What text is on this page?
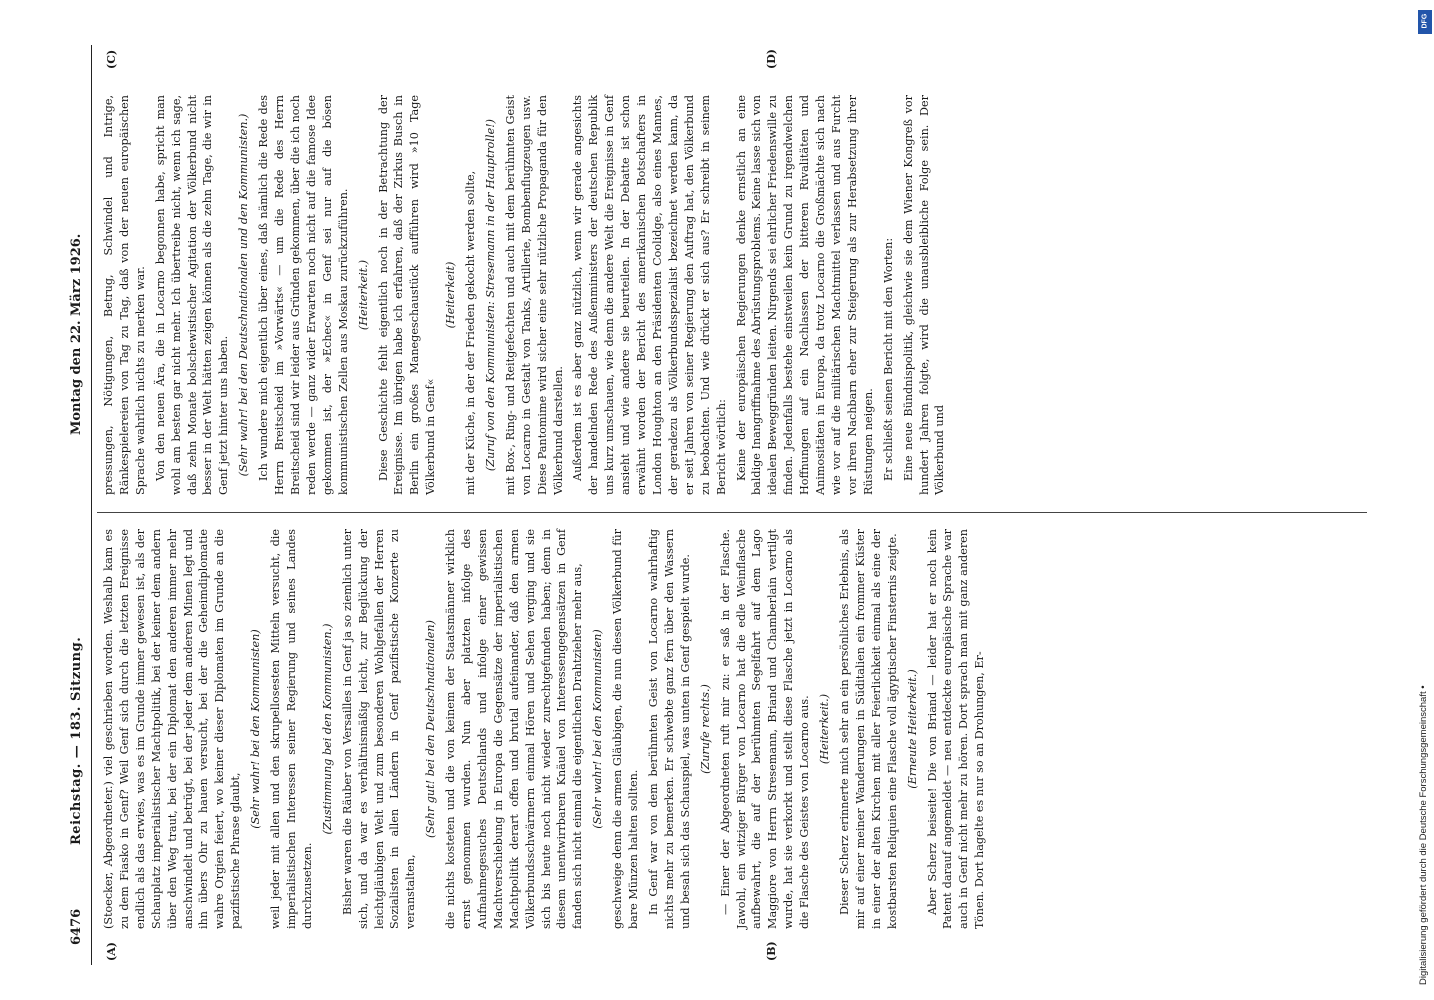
6476
Reichstag. — 183. Sitzung.
Montag den 22. März 1926.
(A)	(B)
(C)	(D)

(Stoecker, Abgeordneter.) viel geschrieben worden. Weshalb kam es zu dem Fiasko in Genf? Weil Genf sich durch die letzten Ereignisse endlich als das erwies, was es im Grunde immer gewesen ist, als der Schauplatz imperialistischer Machtpolitik, bei der keiner dem andern über den Weg traut, bei der ein Diplomat den anderen immer mehr anschwindelt und betrügt, bei der jeder dem anderen Minen legt und ihn übers Ohr zu hauen versucht, bei der die Geheimdiplomatie wahre Orgien feiert, wo keiner dieser Diplomaten im Grunde an die pazifistische Phrase glaubt,

(Sehr wahr! bei den Kommunisten) weil jeder mit allen und den skrupellosesten Mitteln versucht, die imperialistischen Interessen seiner Regierung und seines Landes durchzusetzen.

(Zustimmung bei den Kommunisten.) Bisher waren die Räuber von Versailles in Genf ja so ziemlich unter sich, und da war es verhältnismäßig leicht, zur Beglückung der leichtgläubigen Welt und zum besonderen Wohlgefallen der Herren Sozialisten in allen Ländern in Genf pazifistische Konzerte zu veranstalten,

(Sehr gut! bei den Deutschnationalen) die nichts kosteten und die von keinem der Staatsmänner wirklich ernst genommen wurden. Nun aber platzten infolge des Aufnahmegesuches Deutschlands und infolge einer gewissen Machtverschiebung in Europa die Gegensätze der imperialistischen Machtpolitik derart offen und brutal aufeinander, daß den armen Völkerbundsschwärmern einmal Hören und Sehen verging und sie sich bis heute noch nicht wieder zurechtgefunden haben; denn in diesem unentwirrbaren Knäuel von Interessengegensätzen in Genf fanden sich nicht einmal die eigentlichen Drahtzieher mehr aus, (Sehr wahr! bei den Kommunisten) geschweige denn die armen Gläubigen, die nun diesen Völkerbund für bare Münzen halten sollten. In Genf war von dem berühmten Geist von Locarno wahrhaftig nichts mehr zu bemerken. Er schwebte ganz fern über den Wassern und besah sich das Schauspiel, was unten in Genf gespielt wurde. (Zurufe rechts.) — Einer der Abgeordneten ruft mir zu: er saß in der Flasche. Jawohl, ein witziger Bürger von Locarno hat die edle Weinflasche aufbewahrt, die auf der berühmten Segelfahrt auf dem Lago Maggiore von Herrn Stresemann, Briand und Chamberlain vertilgt wurde, hat sie verkorkt und stellt diese Flasche jetzt in Locarno als die Flasche des Geistes von Locarno aus. (Heiterkeit.) Dieser Scherz erinnerte mich sehr an ein persönliches Erlebnis, als mir auf einer meiner Wanderungen in Süditalien ein frommer Küster in einer der alten Kirchen mit aller Feierlichkeit einmal als eine der kostbarsten Reliquien eine Flasche voll ägyptischer Finsternis zeigte. (Erneute Heiterkeit.) Aber Scherz beiseite! Die von Briand — leider hat er noch kein Patent darauf angemeldet — neu entdeckte europäische Sprache war auch in Genf nicht mehr zu hören. Dort sprach man mit ganz anderen Tönen. Dort hagelte es nur so an Drohungen, Er-

pressungen, Nötigungen, Betrug, Schwindel und Intrige, Ränkespielereien von Tag zu Tag, daß von der neuen europäischen Sprache wahrlich nichts zu merken war. Von den neuen Ära, die in Locarno begonnen habe, spricht man wohl am besten gar nicht mehr. Ich übertreibe nicht, wenn ich sage, daß zehn Monate bolschewistischer Agitation der Völkerbund nicht besser in der Welt hätten zeigen können als die zehn Tage, die wir in Genf jetzt hinter uns haben. (Sehr wahr! bei den Deutschnationalen und den Kommunisten.) Ich wundere mich eigentlich über eines, daß nämlich die Rede des Herrn Breitscheid im »Vorwärts« — um die Rede des Herrn Breitscheid sind wir leider aus Gründen gekommen, über die ich noch reden werde — ganz wider Erwarten noch nicht auf die famose Idee gekommen ist, der »Echec« in Genf sei nur auf die bösen kommunistischen Zellen aus Moskau zurückzuführen. (Heiterkeit.) Diese Geschichte fehlt eigentlich noch in der Betrachtung der Ereignisse. Im übrigen habe ich erfahren, daß der Zirkus Busch in Berlin ein großes Manegeschaustück aufführen wird »10 Tage Völkerbund in Genf«

(Heiterkeit) mit der Küche, in der der Frieden gekocht werden sollte, (Zuruf von den Kommunisten: Stresemann in der Hauptrolle!) mit Box-, Ring- und Reitgefechten und auch mit dem berühmten Geist von Locarno in Gestalt von Tanks, Artillerie, Bombenflugzeugen usw. Diese Pantomime wird sicher eine sehr nützliche Propaganda für den Völkerbund darstellen. Außerdem ist es aber ganz nützlich, wenn wir gerade angesichts der handelnden Rede des Außenministers der deutschen Republik uns kurz umschauen, wie denn die andere Welt die Ereignisse in Genf ansieht und wie andere sie beurteilen. In der Debatte ist schon erwähnt worden der Bericht des amerikanischen Botschafters in London Houghton an den Präsidenten Coolidge, also eines Mannes, der geradezu als Völkerbundsspezialist bezeichnet werden kann, da er seit Jahren von seiner Regierung den Auftrag hat, den Völkerbund zu beobachten. Und wie drückt er sich aus? Er schreibt in seinem Bericht wörtlich: Keine der europäischen Regierungen denke ernstlich an eine baldige Inangriffnahme des Abrüstungsproblems. Keine lasse sich von idealen Beweggründen leiten. Nirgends sei ehrlicher Friedenswille zu finden. Jedenfalls bestehe einstweilen kein Grund zu irgendwelchen Hoffnungen auf ein Nachlassen der bitteren Rivalitäten und Animositäten in Europa, da trotz Locarno die Großmächte sich nach wie vor auf die militärischen Machtmittel verlassen und aus Furcht vor ihren Nachbarn eher zur Steigerung als zur Herabsetzung ihrer Rüstungen neigen. Er schließt seinen Bericht mit den Worten: Eine neue Bündnispolitik, gleichwie sie dem Wiener Kongreß vor hundert Jahren folgte, wird die unausbleibliche Folge sein. Der Völkerbund und

Digitalisierung gefördert durch die Deutsche Forschungsgemeinschaft •
DFG
